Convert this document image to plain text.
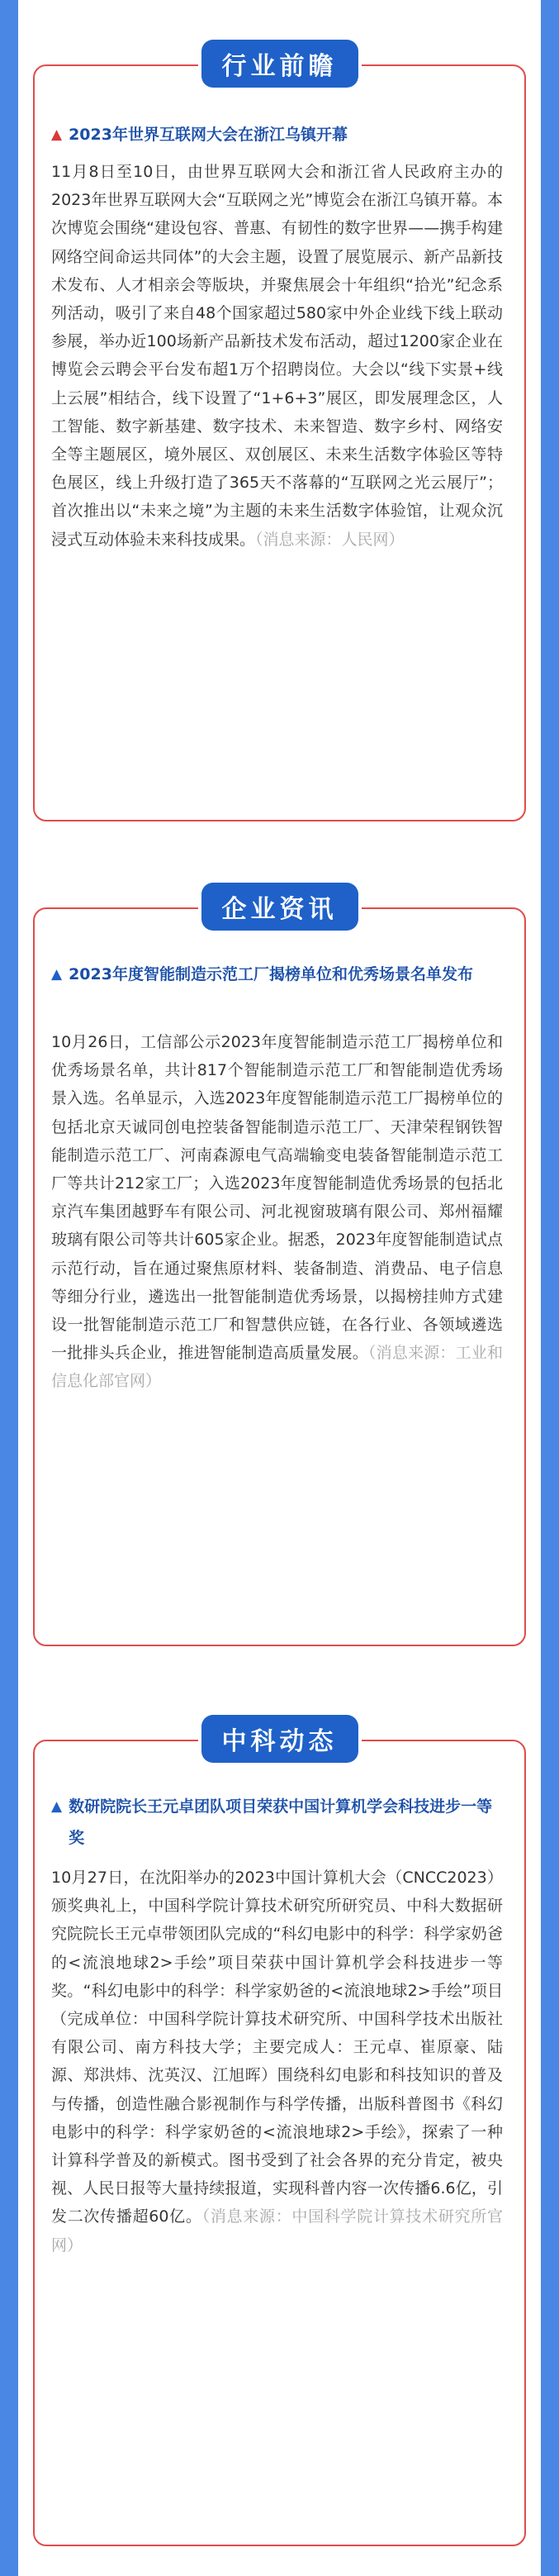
行业前瞻
▲ 2023年世界互联网大会在浙江乌镇开幕
11月8日至10日，由世界互联网大会和浙江省人民政府主办的2023年世界互联网大会“互联网之光”博览会在浙江乌镇开幕。本次博览会围绕“建设包容、普惠、有韧性的数字世界——携手构建网络空间命运共同体”的大会主题，设置了展览展示、新产品新技术发布、人才相亲会等版块，并聚焦展会十年组织“拾光”纪念系列活动，吸引了来自48个国家超过580家中外企业线下线上联动参展，举办近100场新产品新技术发布活动，超过1200家企业在博览会云聘会平台发布超1万个招聘岗位。大会以“线下实景+线上云展”相结合，线下设置了“1+6+3”展区，即发展理念区，人工智能、数字新基建、数字技术、未来智造、数字乡村、网络安全等主题展区，境外展区、双创展区、未来生活数字体验区等特色展区，线上升级打造了365天不落幕的“互联网之光云展厅”；首次推出以“未来之境”为主题的未来生活数字体验馆，让观众沉浸式互动体验未来科技成果。（消息来源：人民网）
企业资讯
▲ 2023年度智能制造示范工厂揭榜单位和优秀场景名单发布
10月26日，工信部公示2023年度智能制造示范工厂揭榜单位和优秀场景名单，共计817个智能制造示范工厂和智能制造优秀场景入选。名单显示，入选2023年度智能制造示范工厂揭榜单位的包括北京天诚同创电控装备智能制造示范工厂、天津荣程钢铁智能制造示范工厂、河南森源电气高端输变电装备智能制造示范工厂等共计212家工厂；入选2023年度智能制造优秀场景的包括北京汽车集团越野车有限公司、河北视窗玻璃有限公司、郑州福耀玻璃有限公司等共计605家企业。据悉，2023年度智能制造试点示范行动，旨在通过聚焦原材料、装备制造、消费品、电子信息等细分行业，遴选出一批智能制造优秀场景，以揭榜挂帅方式建设一批智能制造示范工厂和智慧供应链，在各行业、各领域遴选一批排头兵企业，推进智能制造高质量发展。（消息来源：工业和信息化部官网）
中科动态
▲ 数研院院长王元卓团队项目荣获中国计算机学会科技进步一等奖
10月27日，在沈阳举办的2023中国计算机大会（CNCC2023）颁奖典礼上，中国科学院计算技术研究所研究员、中科大数据研究院院长王元卓带领团队完成的“科幻电影中的科学：科学家奶爸的<流浪地球2>手绘”项目荣获中国计算机学会科技进步一等奖。“科幻电影中的科学：科学家奶爸的<流浪地球2>手绘”项目（完成单位：中国科学院计算技术研究所、中国科学技术出版社有限公司、南方科技大学；主要完成人：王元卓、崔原豪、陆源、郑洪炜、沈英汉、江旭晖）围绕科幻电影和科技知识的普及与传播，创造性融合影视制作与科学传播，出版科普图书《科幻电影中的科学：科学家奶爸的<流浪地球2>手绘》，探索了一种计算科学普及的新模式。图书受到了社会各界的充分肯定，被央视、人民日报等大量持续报道，实现科普内容一次传播6.6亿，引发二次传播超60亿。（消息来源：中国科学院计算技术研究所官网）
